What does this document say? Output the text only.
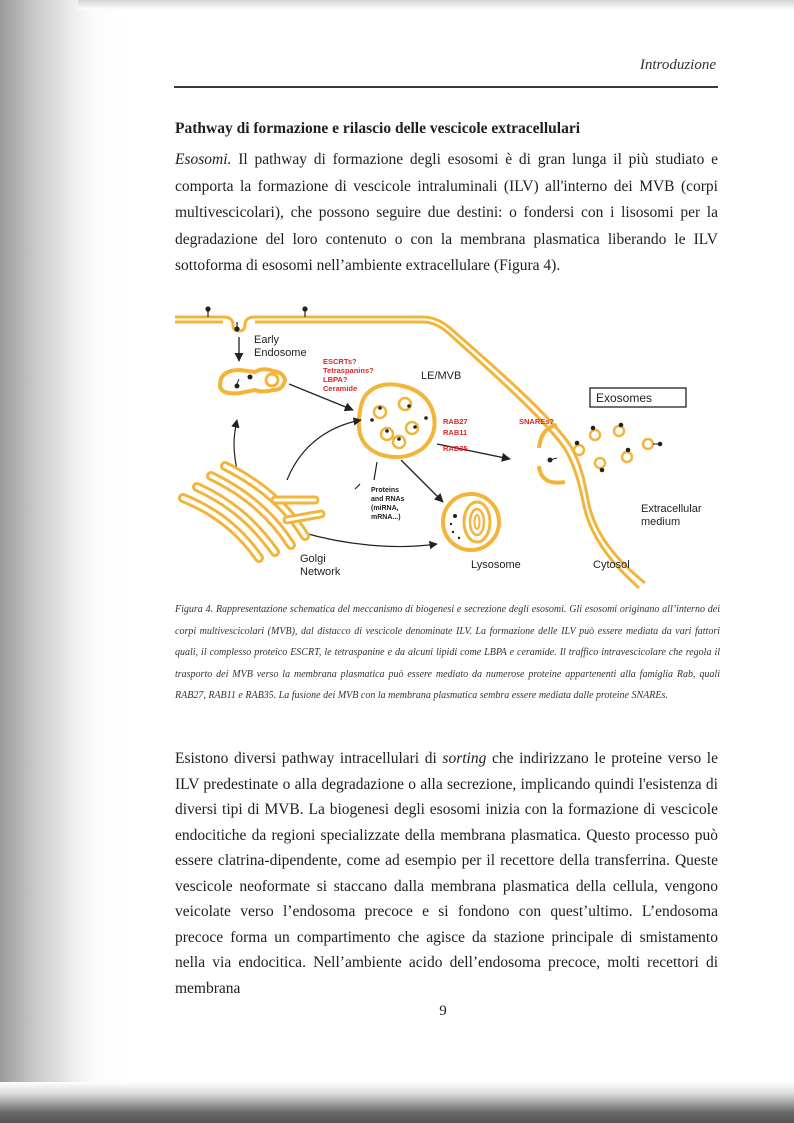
Introduzione
Pathway di formazione e rilascio delle vescicole extracellulari

Esosomi. Il pathway di formazione degli esosomi è di gran lunga il più studiato e comporta la formazione di vescicole intraluminali (ILV) all'interno dei MVB (corpi multivescicolari), che possono seguire due destini: o fondersi con i lisosomi per la degradazione del loro contenuto o con la membrana plasmatica liberando le ILV sottoforma di esosomi nell’ambiente extracellulare (Figura 4).

Early
Endosome
LE/MVB
Exosomes
Golgi
Network
Lysosome	Cytosol
Extracellular
medium
Proteins
and RNAs
(miRNA,
mRNA...)
ESCRTs?
Tetraspanins?
LBPA?
Ceramide
RAB27
RAB11
RAB35
SNAREs?

Figura 4. Rappresentazione schematica del meccanismo di biogenesi e secrezione degli esosomi. Gli esosomi originano all’interno dei corpi multivescicolari (MVB), dal distacco di vescicole denominate ILV. La formazione delle ILV può essere mediata da vari fattori quali, il complesso proteico ESCRT, le tetraspanine e da alcuni lipidi come LBPA e ceramide. Il traffico intravescicolare che regola il trasporto dei MVB verso la membrana plasmatica può essere mediato da numerose proteine appartenenti alla famiglia Rab, quali RAB27, RAB11 e RAB35. La fusione dei MVB con la membrana plasmatica sembra essere mediata dalle proteine SNAREs.

Esistono diversi pathway intracellulari di sorting che indirizzano le proteine verso le ILV predestinate o alla degradazione o alla secrezione, implicando quindi l'esistenza di diversi tipi di MVB. La biogenesi degli esosomi inizia con la formazione di vescicole endocitiche da regioni specializzate della membrana plasmatica. Questo processo può essere clatrina-dipendente, come ad esempio per il recettore della transferrina. Queste vescicole neoformate si staccano dalla membrana plasmatica della cellula, vengono veicolate verso l’endosoma precoce e si fondono con quest’ultimo. L’endosoma precoce forma un compartimento che agisce da stazione principale di smistamento nella via endocitica. Nell’ambiente acido dell’endosoma precoce, molti recettori di membrana

9
